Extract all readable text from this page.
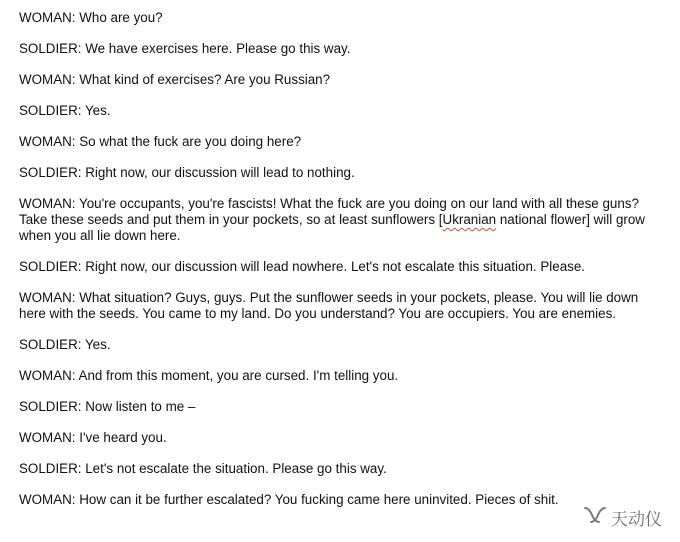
WOMAN: Who are you?

SOLDIER: We have exercises here. Please go this way.

WOMAN: What kind of exercises? Are you Russian?

SOLDIER: Yes.

WOMAN: So what the fuck are you doing here?

SOLDIER: Right now, our discussion will lead to nothing.

WOMAN: You're occupants, you're fascists! What the fuck are you doing on our land with all these guns? Take these seeds and put them in your pockets, so at least sunflowers [Ukranian national flower] will grow when you all lie down here.

SOLDIER: Right now, our discussion will lead nowhere. Let's not escalate this situation. Please.

WOMAN: What situation? Guys, guys. Put the sunflower seeds in your pockets, please. You will lie down here with the seeds. You came to my land. Do you understand? You are occupiers. You are enemies.

SOLDIER: Yes.

WOMAN: And from this moment, you are cursed. I'm telling you.

SOLDIER: Now listen to me –

WOMAN: I've heard you.

SOLDIER: Let's not escalate the situation. Please go this way.

WOMAN: How can it be further escalated? You fucking came here uninvited. Pieces of shit.

天动仪
